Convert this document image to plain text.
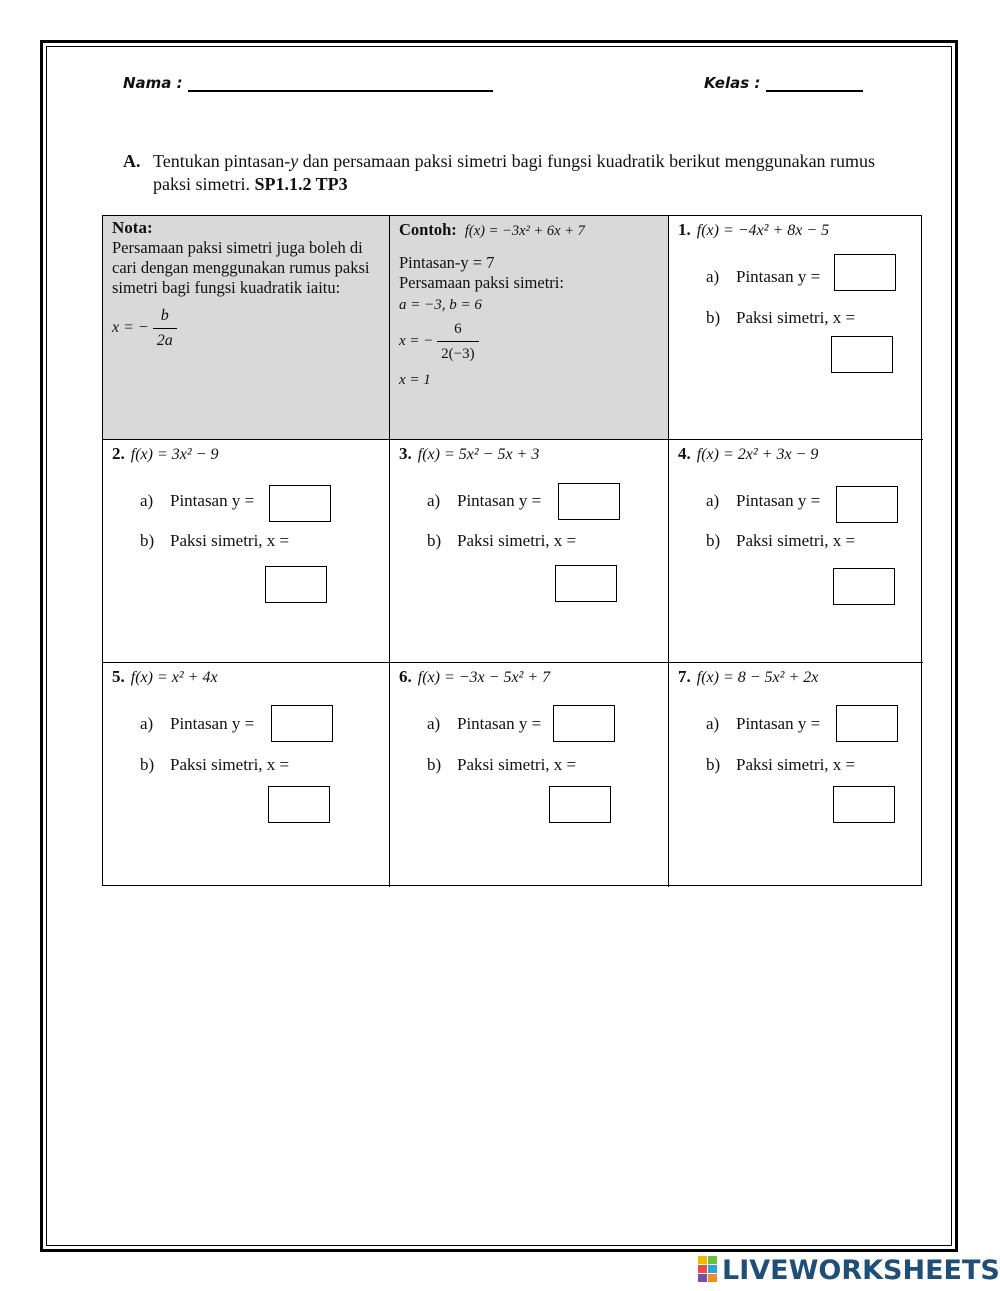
Nama :	Kelas :
A. Tentukan pintasan-y dan persamaan paksi simetri bagi fungsi kuadratik berikut menggunakan rumus paksi simetri. SP1.1.2 TP3
Nota:
Persamaan paksi simetri juga boleh di cari dengan menggunakan rumus paksi simetri bagi fungsi kuadratik iaitu:
x = − $\frac{b}{2a}$
Contoh: f(x) = −3x² + 6x + 7
Pintasan-y = 7
Persamaan paksi simetri:
a = −3, b = 6
x = − $\frac{6}{2(-3)}$
x = 1
1. f(x) = −4x² + 8x − 5
a) Pintasan y =
b) Paksi simetri, x =
2. f(x) = 3x² − 9
a) Pintasan y =
b) Paksi simetri, x =
3. f(x) = 5x² − 5x + 3
a) Pintasan y =
b) Paksi simetri, x =
4. f(x) = 2x² + 3x − 9
a) Pintasan y =
b) Paksi simetri, x =
5. f(x) = x² + 4x
a) Pintasan y =
b) Paksi simetri, x =
6. f(x) = −3x − 5x² + 7
a) Pintasan y =
b) Paksi simetri, x =
7. f(x) = 8 − 5x² + 2x
a) Pintasan y =
b) Paksi simetri, x =
LIVEWORKSHEETS
